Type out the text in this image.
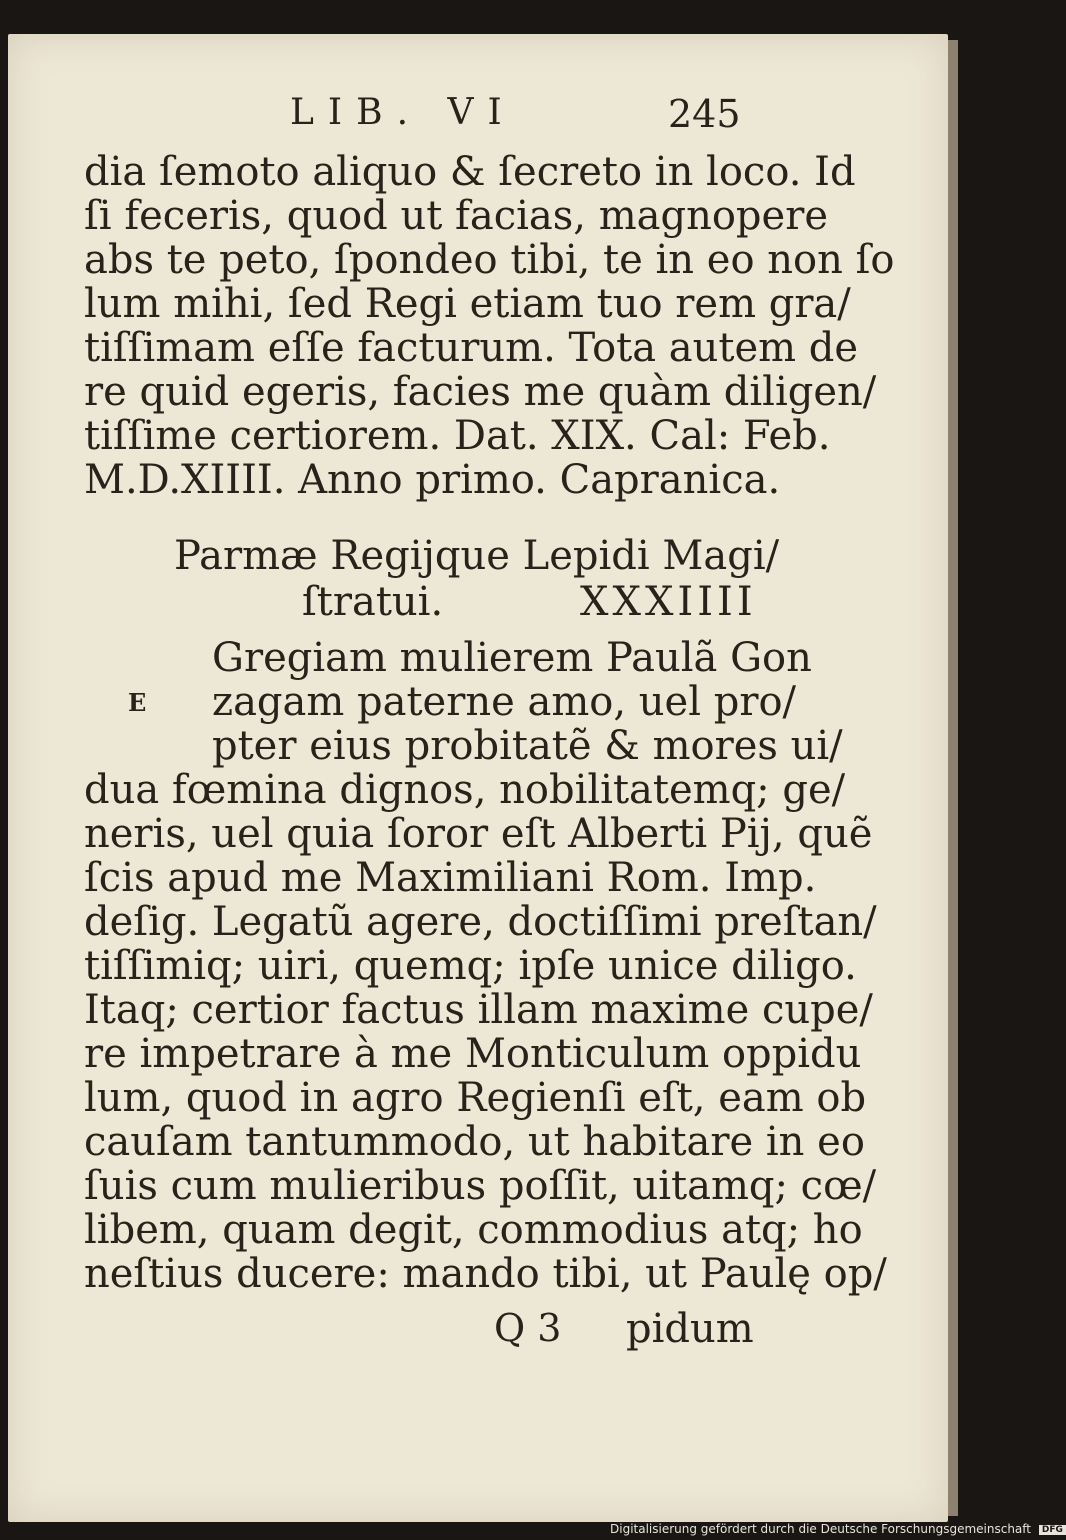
LIB. VI	245
dia ſemoto aliquo & ſecreto in loco. Id
ſi feceris, quod ut facias, magnopere
abs te peto, ſpondeo tibi, te in eo non ſo
lum mihi, ſed Regi etiam tuo rem gra/
tiſſimam eſſe facturum. Tota autem de
re quid egeris, facies me quàm diligen/
tiſſime certiorem. Dat. XIX. Cal: Feb.
M.D.XIIII. Anno primo. Capranica.
Parmæ Regijque Lepidi Magi/
ſtratui.	XXXIIII
E
Gregiam mulierem Paulã Gon
zagam paterne amo, uel pro/
pter eius probitatẽ & mores ui/
dua fœmina dignos, nobilitatemq; ge/
neris, uel quia ſoror eſt Alberti Pij, quẽ
ſcis apud me Maximiliani Rom. Imp.
deſig. Legatũ agere, doctiſſimi preſtan/
tiſſimiq; uiri, quemq; ipſe unice diligo.
Itaq; certior factus illam maxime cupe/
re impetrare à me Monticulum oppidu
lum, quod in agro Regienſi eſt, eam ob
cauſam tantummodo, ut habitare in eo
ſuis cum mulieribus poſſit, uitamq; cœ/
libem, quam degit, commodius atq; ho
neſtius ducere: mando tibi, ut Paulę op/
Q 3 pidum
Digitalisierung gefördert durch die Deutsche Forschungsgemeinschaft DFG
